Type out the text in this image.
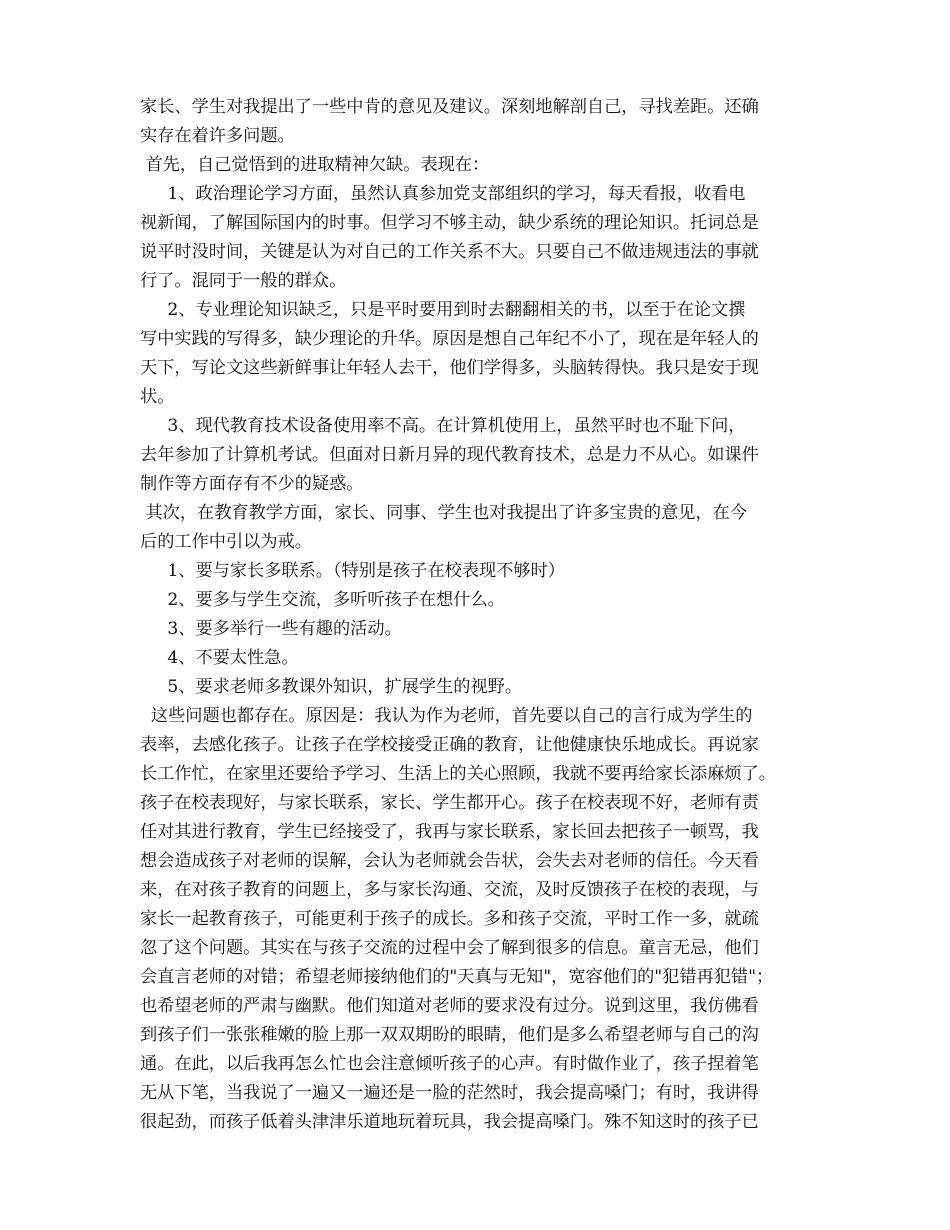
家长、学生对我提出了一些中肯的意见及建议。深刻地解剖自己，寻找差距。还确
实存在着许多问题。
首先，自己觉悟到的进取精神欠缺。表现在：
1、政治理论学习方面，虽然认真参加党支部组织的学习，每天看报，收看电
视新闻，了解国际国内的时事。但学习不够主动，缺少系统的理论知识。托词总是
说平时没时间，关键是认为对自己的工作关系不大。只要自己不做违规违法的事就
行了。混同于一般的群众。
2、专业理论知识缺乏，只是平时要用到时去翻翻相关的书，以至于在论文撰
写中实践的写得多，缺少理论的升华。原因是想自己年纪不小了，现在是年轻人的
天下，写论文这些新鲜事让年轻人去干，他们学得多，头脑转得快。我只是安于现
状。
3、现代教育技术设备使用率不高。在计算机使用上，虽然平时也不耻下问，
去年参加了计算机考试。但面对日新月异的现代教育技术，总是力不从心。如课件
制作等方面存有不少的疑惑。
其次，在教育教学方面，家长、同事、学生也对我提出了许多宝贵的意见，在今
后的工作中引以为戒。
1、要与家长多联系。（特别是孩子在校表现不够时）
2、要多与学生交流，多听听孩子在想什么。
3、要多举行一些有趣的活动。
4、不要太性急。
5、要求老师多教课外知识，扩展学生的视野。
这些问题也都存在。原因是：我认为作为老师，首先要以自己的言行成为学生的
表率，去感化孩子。让孩子在学校接受正确的教育，让他健康快乐地成长。再说家
长工作忙，在家里还要给予学习、生活上的关心照顾，我就不要再给家长添麻烦了。
孩子在校表现好，与家长联系，家长、学生都开心。孩子在校表现不好，老师有责
任对其进行教育，学生已经接受了，我再与家长联系，家长回去把孩子一顿骂，我
想会造成孩子对老师的误解，会认为老师就会告状，会失去对老师的信任。今天看
来，在对孩子教育的问题上，多与家长沟通、交流，及时反馈孩子在校的表现，与
家长一起教育孩子，可能更利于孩子的成长。多和孩子交流，平时工作一多，就疏
忽了这个问题。其实在与孩子交流的过程中会了解到很多的信息。童言无忌，他们
会直言老师的对错；希望老师接纳他们的"天真与无知"，宽容他们的"犯错再犯错"；
也希望老师的严肃与幽默。他们知道对老师的要求没有过分。说到这里，我仿佛看
到孩子们一张张稚嫩的脸上那一双双期盼的眼睛，他们是多么希望老师与自己的沟
通。在此，以后我再怎么忙也会注意倾听孩子的心声。有时做作业了，孩子捏着笔
无从下笔，当我说了一遍又一遍还是一脸的茫然时，我会提高嗓门；有时，我讲得
很起劲，而孩子低着头津津乐道地玩着玩具，我会提高嗓门。殊不知这时的孩子已
